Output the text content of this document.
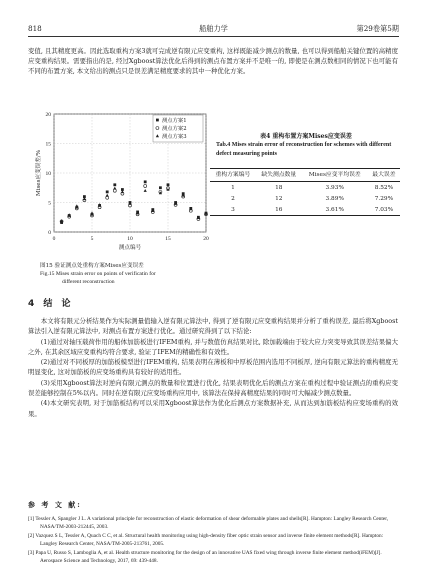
818	船舶力学	第29卷第5期
变值, 且其精度更高。因此选取重构方案3就可完成逆有限元应变重构, 这样既能减少测点的数量, 也可以得到船舶关键位置的高精度应变重构结果。需要指出的是, 经过Xgboost算法优化后得到的测点布置方案并不是唯一的, 即使是在测点数相同的情况下也可能有不同的布置方案, 本文给出的测点只是误差满足精度要求的其中一种优化方案。
0	5	10	15	20
0
5
10
15
20
测点编号
Mises应变误差/%
测点方案1
测点方案2
测点方案3
图15 验证测点处重构方案Mises应变误差
Fig.15 Mises strain error on points of verificatin for
different reconstruction
表4 重构布置方案Mises应变误差
Tab.4 Mises strain error of reconstruction for schemes with different defect measuring points
重构方案编号	缺失测点数量	Mises应变平均误差	最大误差
1	18	3.93%	8.52%
2	12	3.89%	7.29%
3	16	3.61%	7.03%
4 结 论

本文将有限元分析结果作为实际测量值输入逆有限元算法中, 得到了逆有限元应变重构结果并分析了重构误差, 最后将Xgboost算法引入逆有限元算法中, 对测点布置方案进行优化。通过研究得到了以下结论:

(1)通过对轴压载荷作用的船体加筋板进行IFEM重构, 并与数值仿真结果对比, 除加载端由于较大应力突变导致其误差结果偏大之外, 在其余区域应变重构均符合要求, 验证了IFEM的精确性和有效性。

(2)通过对不同板厚的加筋板模型进行IFEM重构, 结果表明在薄板和中厚板范围内选用不同板厚, 逆向有限元算法的重构精度无明显变化, 这对加筋板的应变场重构具有较好的适用性。

(3)采用Xgboost算法对逆向有限元测点的数量和位置进行优化, 结果表明优化后的测点方案在重构过程中验证测点的重构应变误差能够控制在5%以内。同时在逆有限元应变场重构应用中, 该算法在保持高精度结果的同时可大幅减少测点数量。

(4)本文研究表明, 对于加筋板结构可以采用Xgboost算法作为优化后测点方案数据补充, 从而达到加筋板结构应变场重构的效果。

参 考 文 献:
[1] Tessler A, Spangler J L. A variational principle for reconstruction of elastic deformation of shear deformable plates and shells[R]. Hampton: Langley Research Center, NASA/TM-2003-212445, 2003.
[2] Vazquez S L, Tessler A, Quach C C, et al. Structural health monitoring using high-density fiber optic strain sensor and inverse finite element methods[R]. Hampton: Langley Research Center, NASA/TM-2005-213761, 2005.
[3] Papa U, Russo S, Lamboglia A, et al. Health structure monitoring for the design of an innovative UAS fixed wing through inverse finite element method(iFEM)[J]. Aerospace Science and Technology, 2017, 69: 439-448.
